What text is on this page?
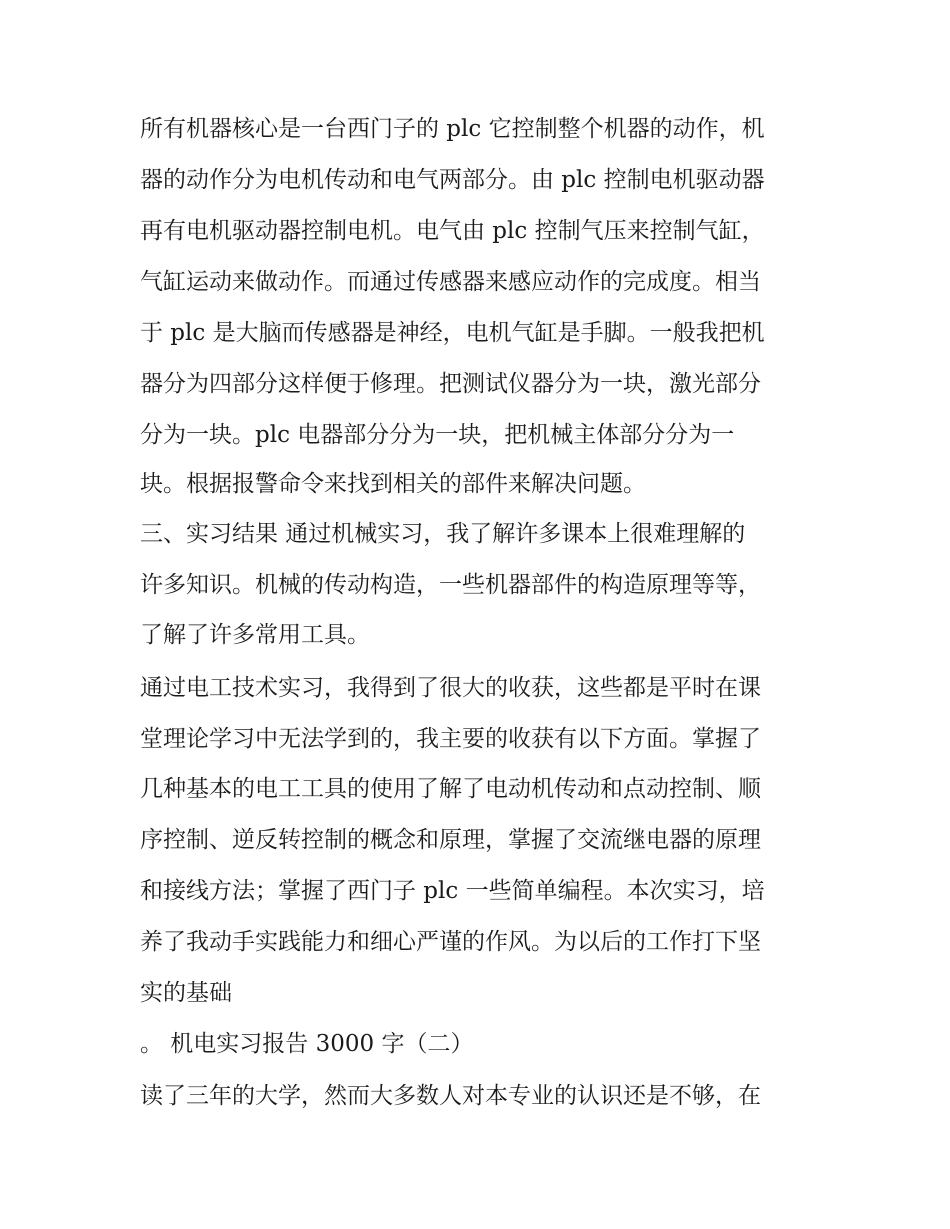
所有机器核心是一台西门子的 plc 它控制整个机器的动作，机
器的动作分为电机传动和电气两部分。由 plc 控制电机驱动器
再有电机驱动器控制电机。电气由 plc 控制气压来控制气缸，
气缸运动来做动作。而通过传感器来感应动作的完成度。相当
于 plc 是大脑而传感器是神经，电机气缸是手脚。一般我把机
器分为四部分这样便于修理。把测试仪器分为一块，激光部分
分为一块。plc 电器部分分为一块，把机械主体部分分为一
块。根据报警命令来找到相关的部件来解决问题。
三、实习结果 通过机械实习，我了解许多课本上很难理解的
许多知识。机械的传动构造，一些机器部件的构造原理等等，
了解了许多常用工具。
通过电工技术实习，我得到了很大的收获，这些都是平时在课
堂理论学习中无法学到的，我主要的收获有以下方面。掌握了
几种基本的电工工具的使用了解了电动机传动和点动控制、顺
序控制、逆反转控制的概念和原理，掌握了交流继电器的原理
和接线方法；掌握了西门子 plc 一些简单编程。本次实习，培
养了我动手实践能力和细心严谨的作风。为以后的工作打下坚
实的基础
。 机电实习报告 3000 字（二）
读了三年的大学，然而大多数人对本专业的认识还是不够，在
